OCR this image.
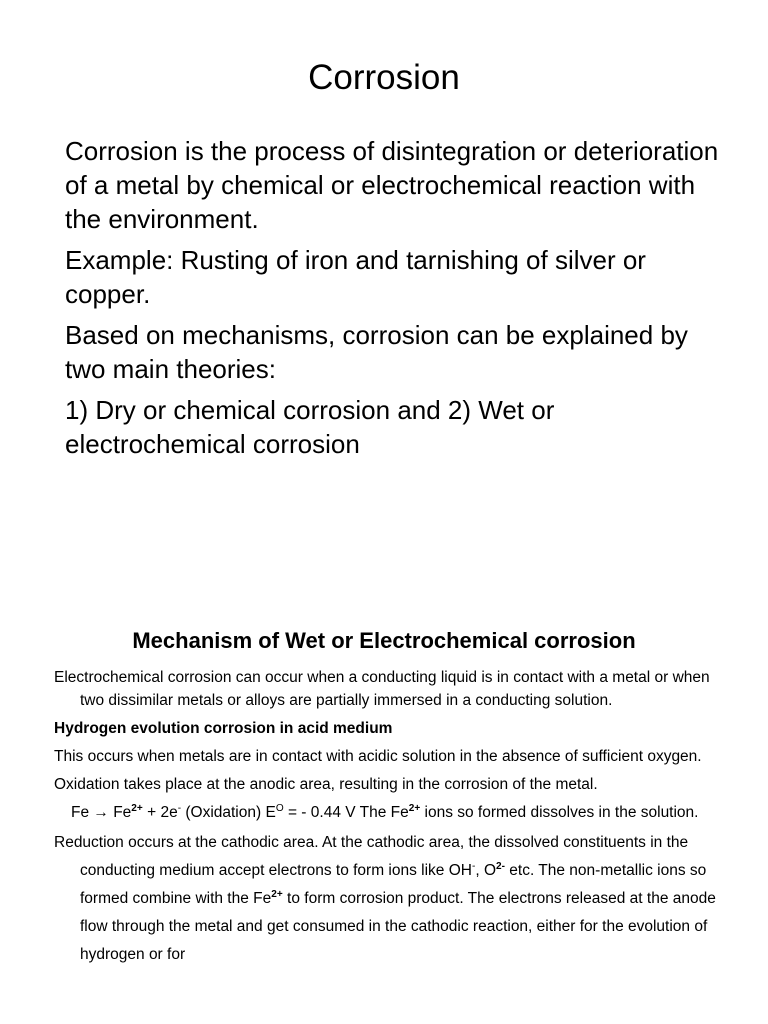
Corrosion

Corrosion is the process of disintegration or deterioration of a metal by chemical or electrochemical reaction with the environment.

Example: Rusting of iron and tarnishing of silver or copper.

Based on mechanisms, corrosion can be explained by two main theories:

1) Dry or chemical corrosion and 2) Wet or electrochemical corrosion

Mechanism of Wet or Electrochemical corrosion

Electrochemical corrosion can occur when a conducting liquid is in contact with a metal or when two dissimilar metals or alloys are partially immersed in a conducting solution.

Hydrogen evolution corrosion in acid medium

This occurs when metals are in contact with acidic solution in the absence of sufficient oxygen.

Oxidation takes place at the anodic area, resulting in the corrosion of the metal.

$Fe \to Fe^{2+} + 2e^-$ (Oxidation) $E^O$ = - 0.44 V The $Fe^{2+}$ ions so formed dissolves in the solution.

Reduction occurs at the cathodic area. At the cathodic area, the dissolved constituents in the conducting medium accept electrons to form ions like OH-, $O^{2-}$ etc. The non-metallic ions so formed combine with the $Fe^{2+}$ to form corrosion product. The electrons released at the anode flow through the metal and get consumed in the cathodic reaction, either for the evolution of hydrogen or for
